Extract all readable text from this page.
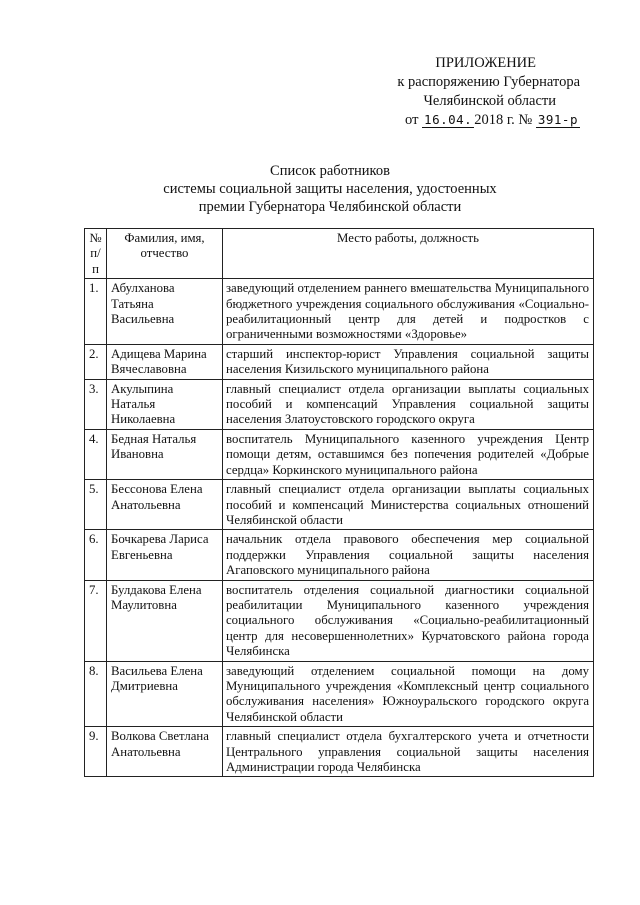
ПРИЛОЖЕНИЕ
к распоряжению Губернатора
Челябинской области
от 16.04. 2018 г. № 391-р
Список работников
системы социальной защиты населения, удостоенных
премии Губернатора Челябинской области
№ п/п	Фамилия, имя, отчество	Место работы, должность
1.	Абулханова Татьяна Васильевна	заведующий отделением раннего вмешательства Муниципального бюджетного учреждения социального обслуживания «Социально-реабилитационный центр для детей и подростков с ограниченными возможностями «Здоровье»
2.	Адищева Марина Вячеславовна	старший инспектор-юрист Управления социальной защиты населения Кизильского муниципального района
3.	Акулыпина Наталья Николаевна	главный специалист отдела организации выплаты социальных пособий и компенсаций Управления социальной защиты населения Златоустовского городского округа
4.	Бедная Наталья Ивановна	воспитатель Муниципального казенного учреждения Центр помощи детям, оставшимся без попечения родителей «Добрые сердца» Коркинского муниципального района
5.	Бессонова Елена Анатольевна	главный специалист отдела организации выплаты социальных пособий и компенсаций Министерства социальных отношений Челябинской области
6.	Бочкарева Лариса Евгеньевна	начальник отдела правового обеспечения мер социальной поддержки Управления социальной защиты населения Агаповского муниципального района
7.	Булдакова Елена Маулитовна	воспитатель отделения социальной диагностики социальной реабилитации Муниципального казенного учреждения социального обслуживания «Социально-реабилитационный центр для несовершеннолетних» Курчатовского района города Челябинска
8.	Васильева Елена Дмитриевна	заведующий отделением социальной помощи на дому Муниципального учреждения «Комплексный центр социального обслуживания населения» Южноуральского городского округа Челябинской области
9.	Волкова Светлана Анатольевна	главный специалист отдела бухгалтерского учета и отчетности Центрального управления социальной защиты населения Администрации города Челябинска
